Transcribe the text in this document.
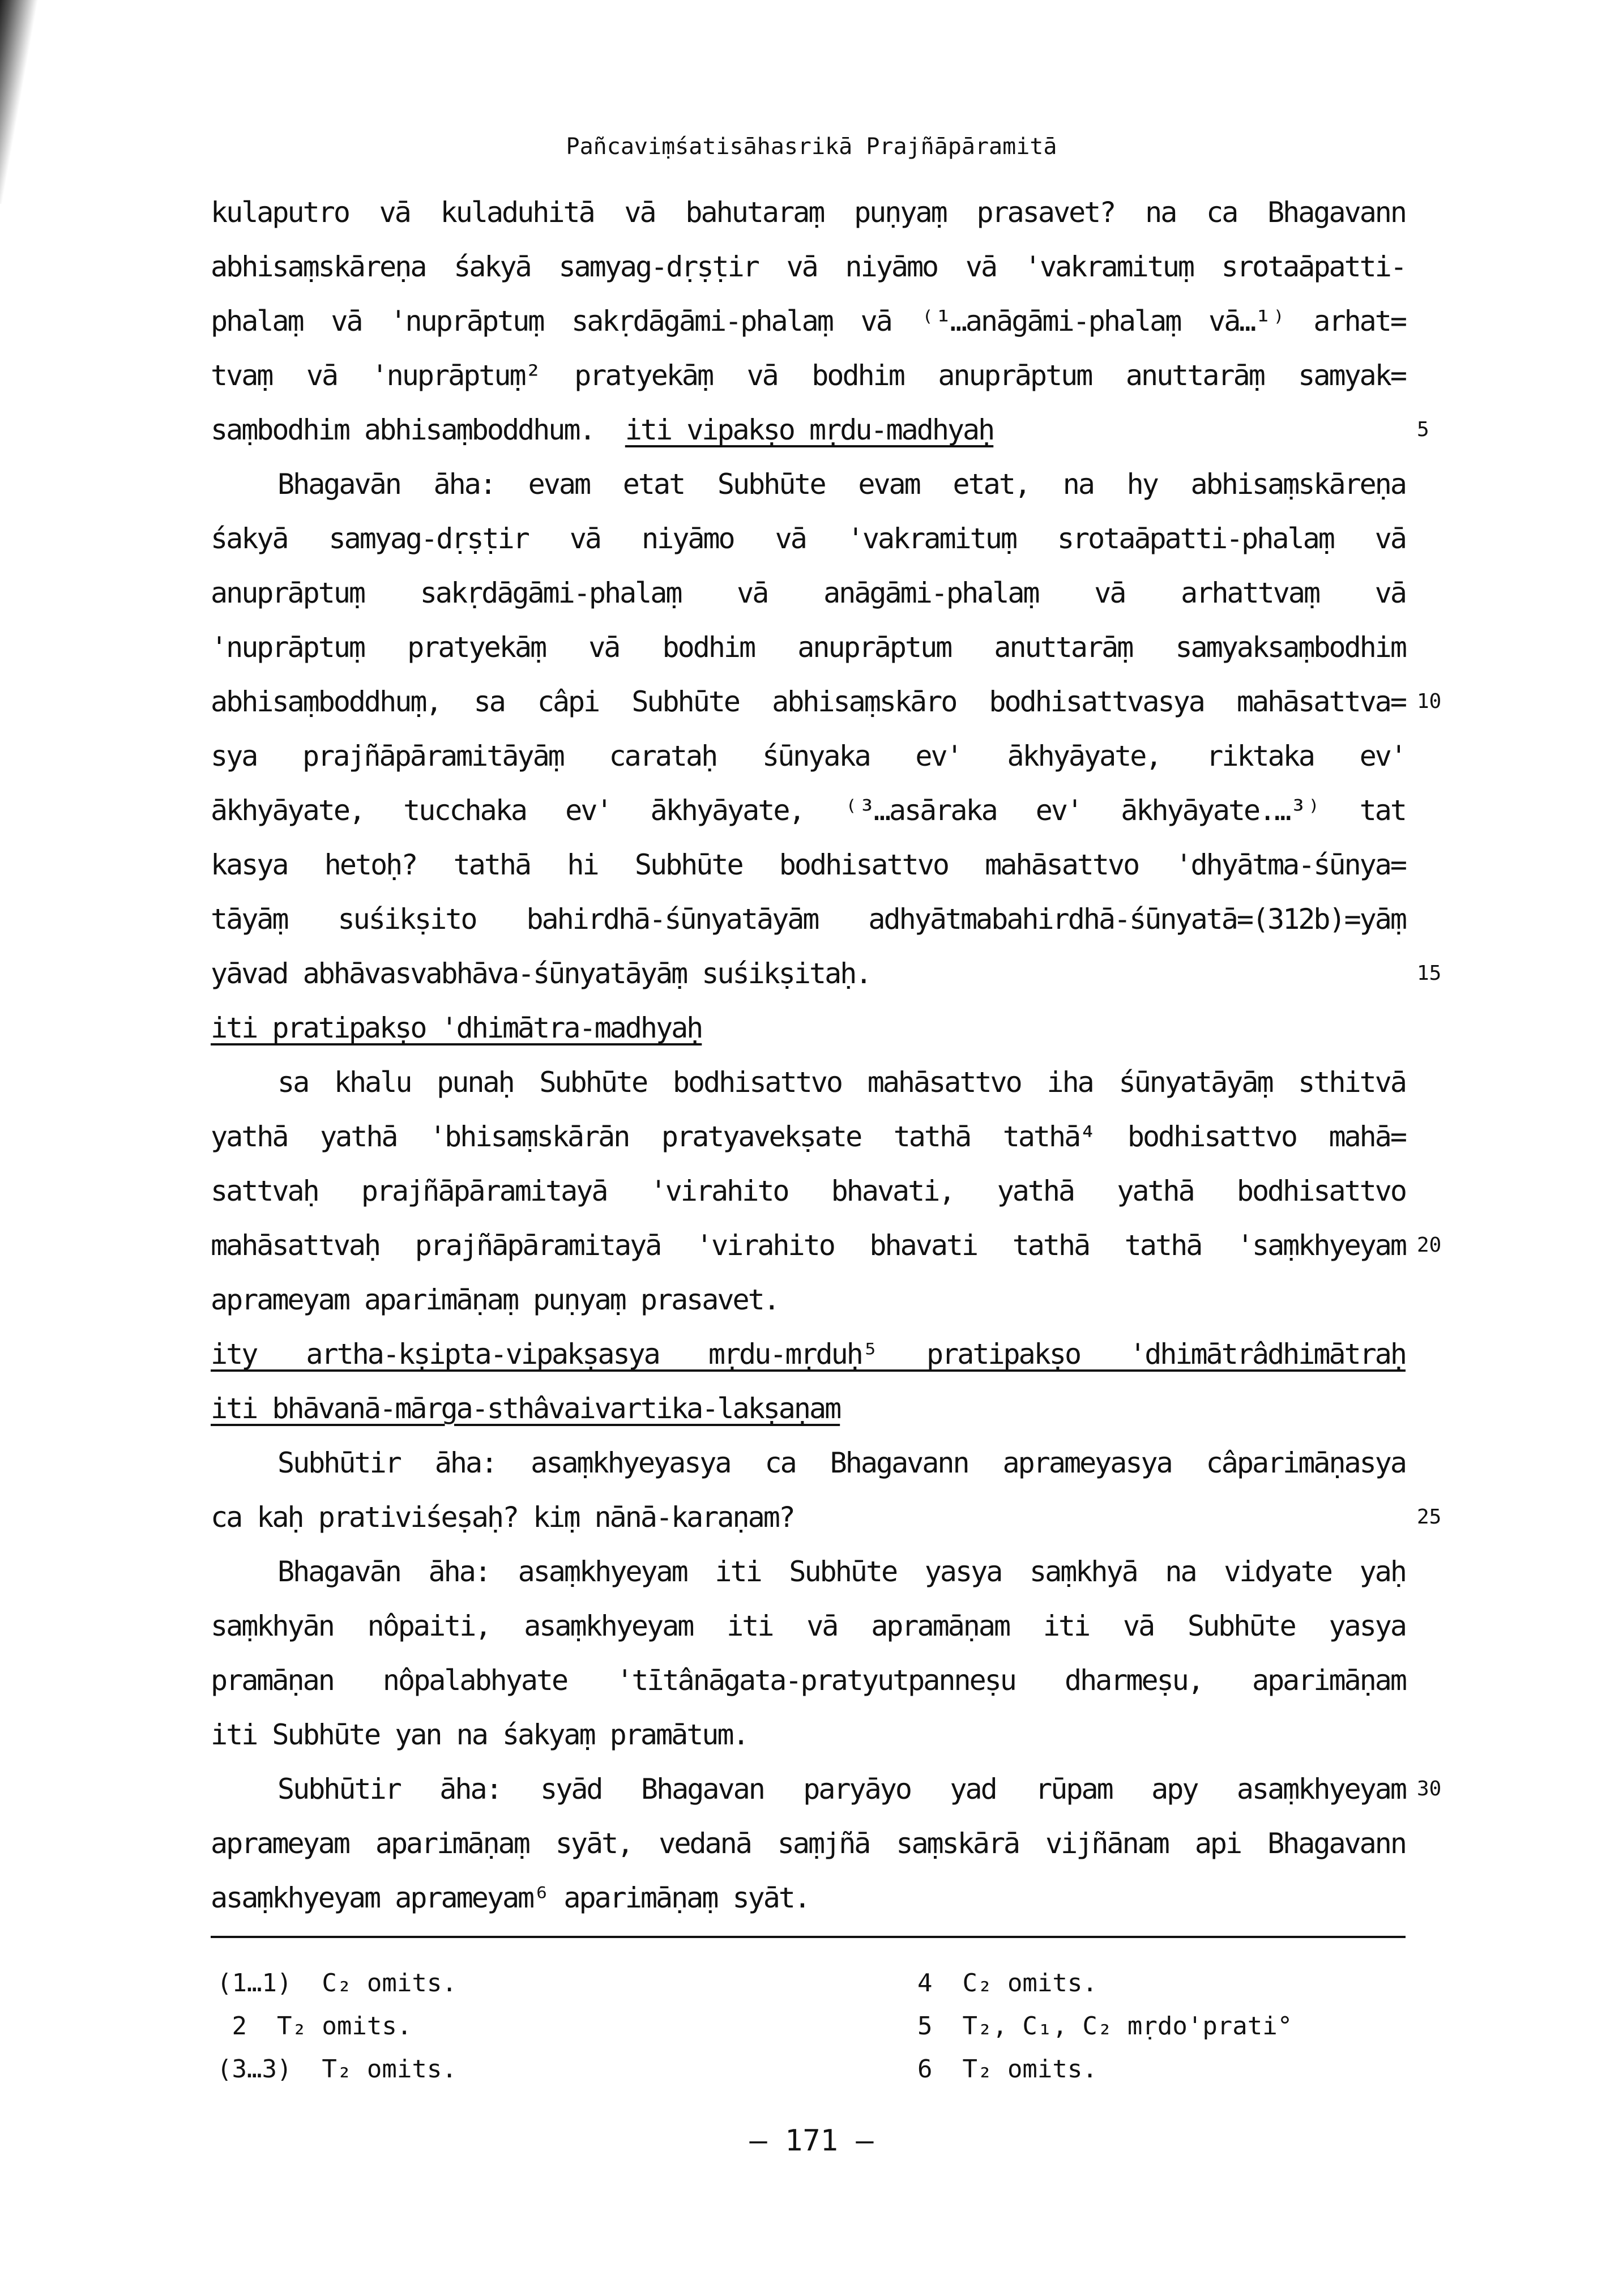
Pañcaviṃśatisāhasrikā Prajñāpāramitā
kulaputro vā kuladuhitā vā bahutaraṃ puṇyaṃ prasavet? na ca Bhagavann
abhisaṃskāreṇa śakyā samyag-dṛṣṭir vā niyāmo vā 'vakramituṃ srotaāpatti-
phalaṃ vā 'nuprāptuṃ sakṛdāgāmi-phalaṃ vā ⁽¹…anāgāmi-phalaṃ vā…¹⁾ arhat=
tvaṃ vā 'nuprāptuṃ² pratyekāṃ vā bodhim anuprāptum anuttarāṃ samyak=
saṃbodhim abhisaṃboddhum.  iti vipakṣo mṛdu-madhyaḥ	5
Bhagavān āha: evam etat Subhūte evam etat, na hy abhisaṃskāreṇa
śakyā samyag-dṛṣṭir vā niyāmo vā 'vakramituṃ srotaāpatti-phalaṃ vā
anuprāptuṃ sakṛdāgāmi-phalaṃ vā anāgāmi-phalaṃ vā arhattvaṃ vā
'nuprāptuṃ pratyekāṃ vā bodhim anuprāptum anuttarāṃ samyaksaṃbodhim
abhisaṃboddhuṃ, sa câpi Subhūte abhisaṃskāro bodhisattvasya mahāsattva= 10
sya prajñāpāramitāyāṃ carataḥ śūnyaka ev' ākhyāyate, riktaka ev'
ākhyāyate, tucchaka ev' ākhyāyate, ⁽³…asāraka ev' ākhyāyate.…³⁾ tat
kasya hetoḥ? tathā hi Subhūte bodhisattvo mahāsattvo 'dhyātma-śūnya=
tāyāṃ suśikṣito bahirdhā-śūnyatāyām adhyātmabahirdhā-śūnyatā=(312b)=yāṃ
yāvad abhāvasvabhāva-śūnyatāyāṃ suśikṣitaḥ.	15
iti pratipakṣo 'dhimātra-madhyaḥ
sa khalu punaḥ Subhūte bodhisattvo mahāsattvo iha śūnyatāyāṃ sthitvā
yathā yathā 'bhisaṃskārān pratyavekṣate tathā tathā⁴ bodhisattvo mahā=
sattvaḥ prajñāpāramitayā 'virahito bhavati, yathā yathā bodhisattvo
mahāsattvaḥ prajñāpāramitayā 'virahito bhavati tathā tathā 'saṃkhyeyam 20
aprameyam aparimāṇaṃ puṇyaṃ prasavet.
ity artha-kṣipta-vipakṣasya mṛdu-mṛduḥ⁵ pratipakṣo 'dhimātrâdhimātraḥ
iti bhāvanā-mārga-sthâvaivartika-lakṣaṇam
Subhūtir āha: asaṃkhyeyasya ca Bhagavann aprameyasya câparimāṇasya
ca kaḥ prativiśeṣaḥ? kiṃ nānā-karaṇam?	25
Bhagavān āha: asaṃkhyeyam iti Subhūte yasya saṃkhyā na vidyate yaḥ
saṃkhyān nôpaiti, asaṃkhyeyam iti vā apramāṇam iti vā Subhūte yasya
pramāṇan nôpalabhyate 'tītânāgata-pratyutpanneṣu dharmeṣu, aparimāṇam
iti Subhūte yan na śakyaṃ pramātum.
Subhūtir āha: syād Bhagavan paryāyo yad rūpam apy asaṃkhyeyam 30
aprameyam aparimāṇaṃ syāt, vedanā saṃjñā saṃskārā vijñānam api Bhagavann
asaṃkhyeyam aprameyam⁶ aparimāṇaṃ syāt.
(1…1)  C₂ omits.
2  T₂ omits.
(3…3)  T₂ omits.
4  C₂ omits.
5  T₂, C₁, C₂ mṛdo'prati°
6  T₂ omits.
— 171 —
